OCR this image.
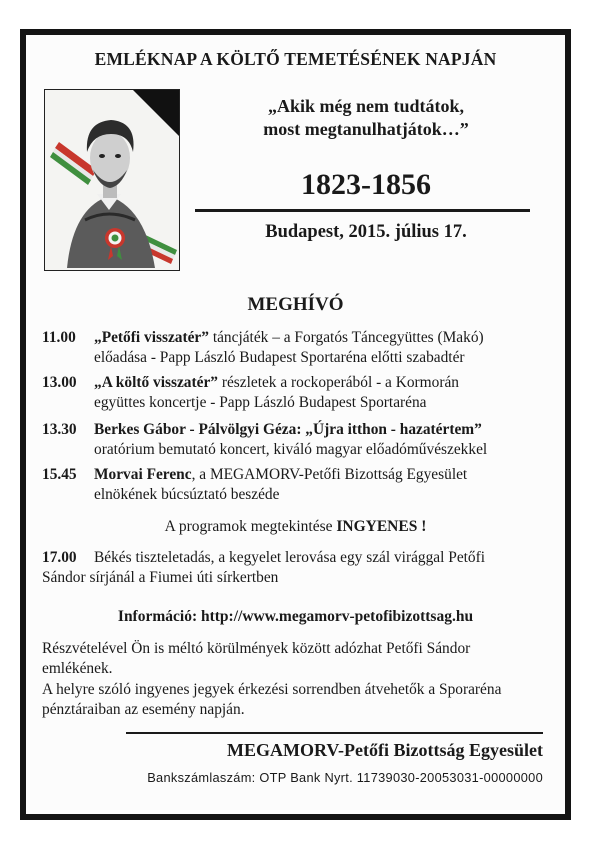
EMLÉKNAP A KÖLTŐ TEMETÉSÉNEK NAPJÁN
„Akik még nem tudtátok,
most megtanulhatjátok…”
1823-1856
Budapest, 2015. július 17.
MEGHÍVÓ
11.00 „Petőfi visszatér” táncjáték – a Forgatós Táncegyüttes (Makó)
előadása - Papp László Budapest Sportaréna előtti szabadtér
13.00 „A költő visszatér” részletek a rockoperából - a Kormorán
együttes koncertje - Papp László Budapest Sportaréna
13.30 Berkes Gábor - Pálvölgyi Géza: „Újra itthon - hazatértem”
oratórium bemutató koncert, kiváló magyar előadóművészekkel
15.45 Morvai Ferenc, a MEGAMORV-Petőfi Bizottság Egyesület
elnökének búcsúztató beszéde
A programok megtekintése INGYENES !
17.00 Békés tiszteletadás, a kegyelet lerovása egy szál virággal Petőfi

Sándor sírjánál a Fiumei úti sírkertben
Információ: http://www.megamorv-petofibizottsag.hu
Részvételével Ön is méltó körülmények között adózhat Petőfi Sándor
emlékének.
A helyre szóló ingyenes jegyek érkezési sorrendben átvehetők a Sporaréna
pénztáraiban az esemény napján.
MEGAMORV-Petőfi Bizottság Egyesület
Bankszámlaszám: OTP Bank Nyrt. 11739030-20053031-00000000
